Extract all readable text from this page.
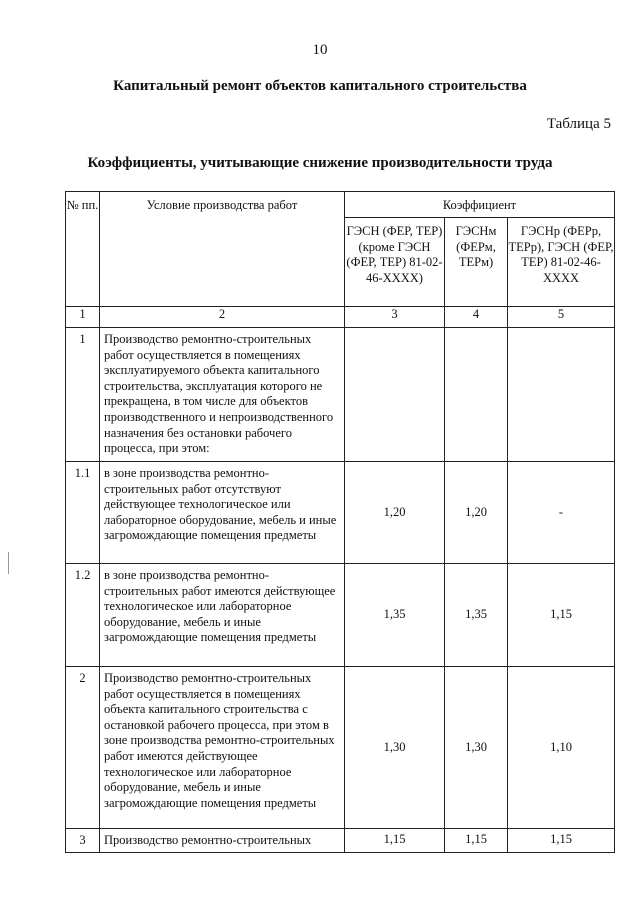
10
Капитальный ремонт объектов капитального строительства
Таблица 5
Коэффициенты, учитывающие снижение производительности труда
№ пп.	Условие производства работ	Коэффициент		
		ГЭСН (ФЕР, ТЕР) (кроме ГЭСН (ФЕР, ТЕР) 81-02-46-XXXX)	ГЭСНм (ФЕРм, ТЕРм)	ГЭСНр (ФЕРр, ТЕРр), ГЭСН (ФЕР, ТЕР) 81-02-46-XXXX
1	2	3	4	5
1	Производство ремонтно-строительных работ осуществляется в помещениях эксплуатируемого объекта капитального строительства, эксплуатация которого не прекращена, в том числе для объектов производственного и непроизводственного назначения без остановки рабочего процесса, при этом:			
1.1	в зоне производства ремонтно-строительных работ отсутствуют действующее технологическое или лабораторное оборудование, мебель и иные загромождающие помещения предметы	1,20	1,20	-
1.2	в зоне производства ремонтно-строительных работ имеются действующее технологическое или лабораторное оборудование, мебель и иные загромождающие помещения предметы	1,35	1,35	1,15
2	Производство ремонтно-строительных работ осуществляется в помещениях объекта капитального строительства с остановкой рабочего процесса, при этом в зоне производства ремонтно-строительных работ имеются действующее технологическое или лабораторное оборудование, мебель и иные загромождающие помещения предметы	1,30	1,30	1,10
3	Производство ремонтно-строительных	1,15	1,15	1,15
